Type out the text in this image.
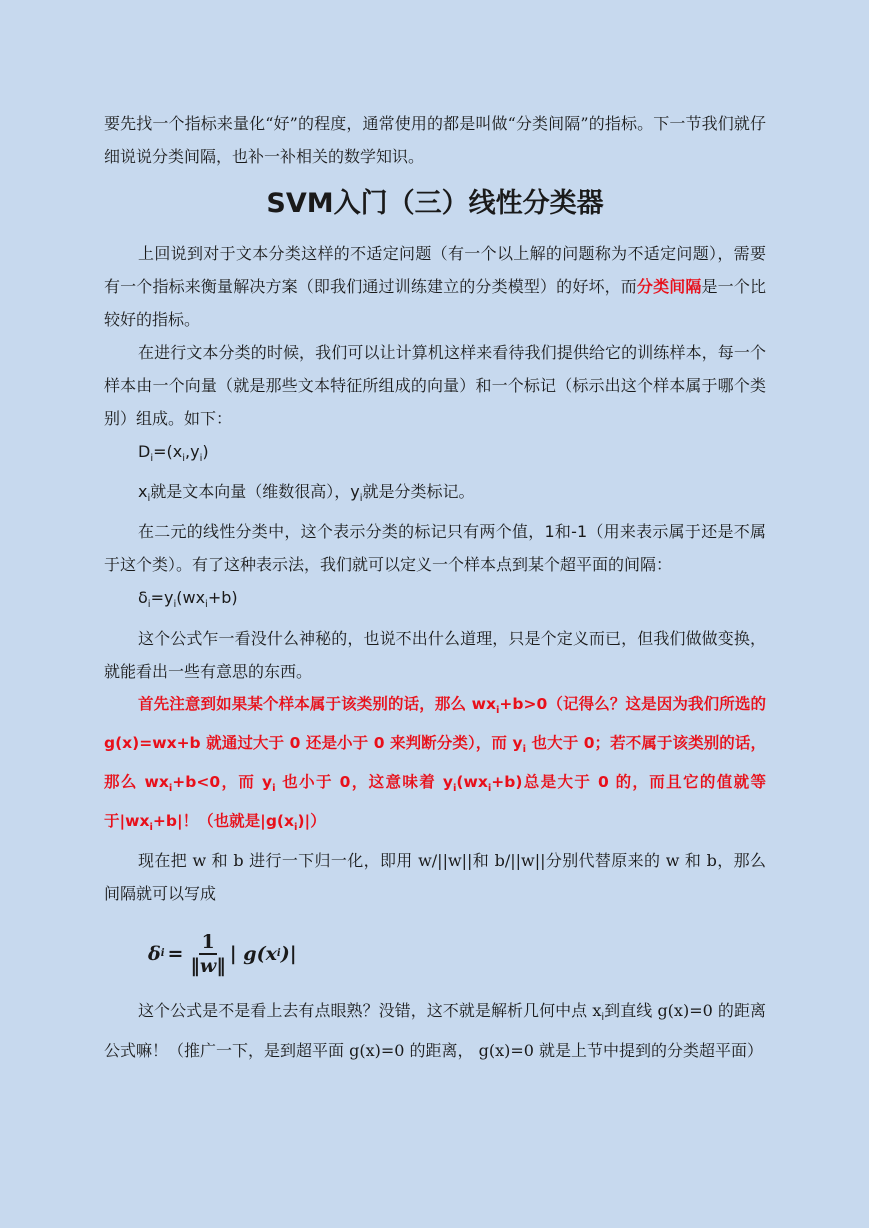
要先找一个指标来量化“好”的程度，通常使用的都是叫做“分类间隔”的指标。下一节我们就仔细说说分类间隔，也补一补相关的数学知识。

SVM入门（三）线性分类器

上回说到对于文本分类这样的不适定问题（有一个以上解的问题称为不适定问题），需要有一个指标来衡量解决方案（即我们通过训练建立的分类模型）的好坏，而分类间隔是一个比较好的指标。

在进行文本分类的时候，我们可以让计算机这样来看待我们提供给它的训练样本，每一个样本由一个向量（就是那些文本特征所组成的向量）和一个标记（标示出这个样本属于哪个类别）组成。如下：

$D_i=(x_i,y_i)$

$x_i$就是文本向量（维数很高），$y_i$就是分类标记。

在二元的线性分类中，这个表示分类的标记只有两个值，1和-1（用来表示属于还是不属于这个类）。有了这种表示法，我们就可以定义一个样本点到某个超平面的间隔：

$\delta_i=y_i(wx_i+b)$

这个公式乍一看没什么神秘的，也说不出什么道理，只是个定义而已，但我们做做变换，就能看出一些有意思的东西。

首先注意到如果某个样本属于该类别的话，那么 $wx_i+b>0$（记得么？这是因为我们所选的 g(x)=wx+b 就通过大于 0 还是小于 0 来判断分类），而 $y_i$ 也大于 0；若不属于该类别的话，那么 $wx_i+b<0$，而 $y_i$ 也小于 0，这意味着 $y_i(wx_i+b)$总是大于 0 的，而且它的值就等于$|wx_i+b|$！（也就是$|g(x_i)|$）

现在把 w 和 b 进行一下归一化，即用 w/||w||和 b/||w||分别代替原来的 w 和 b，那么间隔就可以写成

δ $i = \frac{1}{‖w‖}$ | g(x i )|

这个公式是不是看上去有点眼熟？没错，这不就是解析几何中点 $x_i$到直线 g(x)=0 的距离公式嘛！（推广一下，是到超平面 g(x)=0 的距离， g(x)=0 就是上节中提到的分类超平面）
